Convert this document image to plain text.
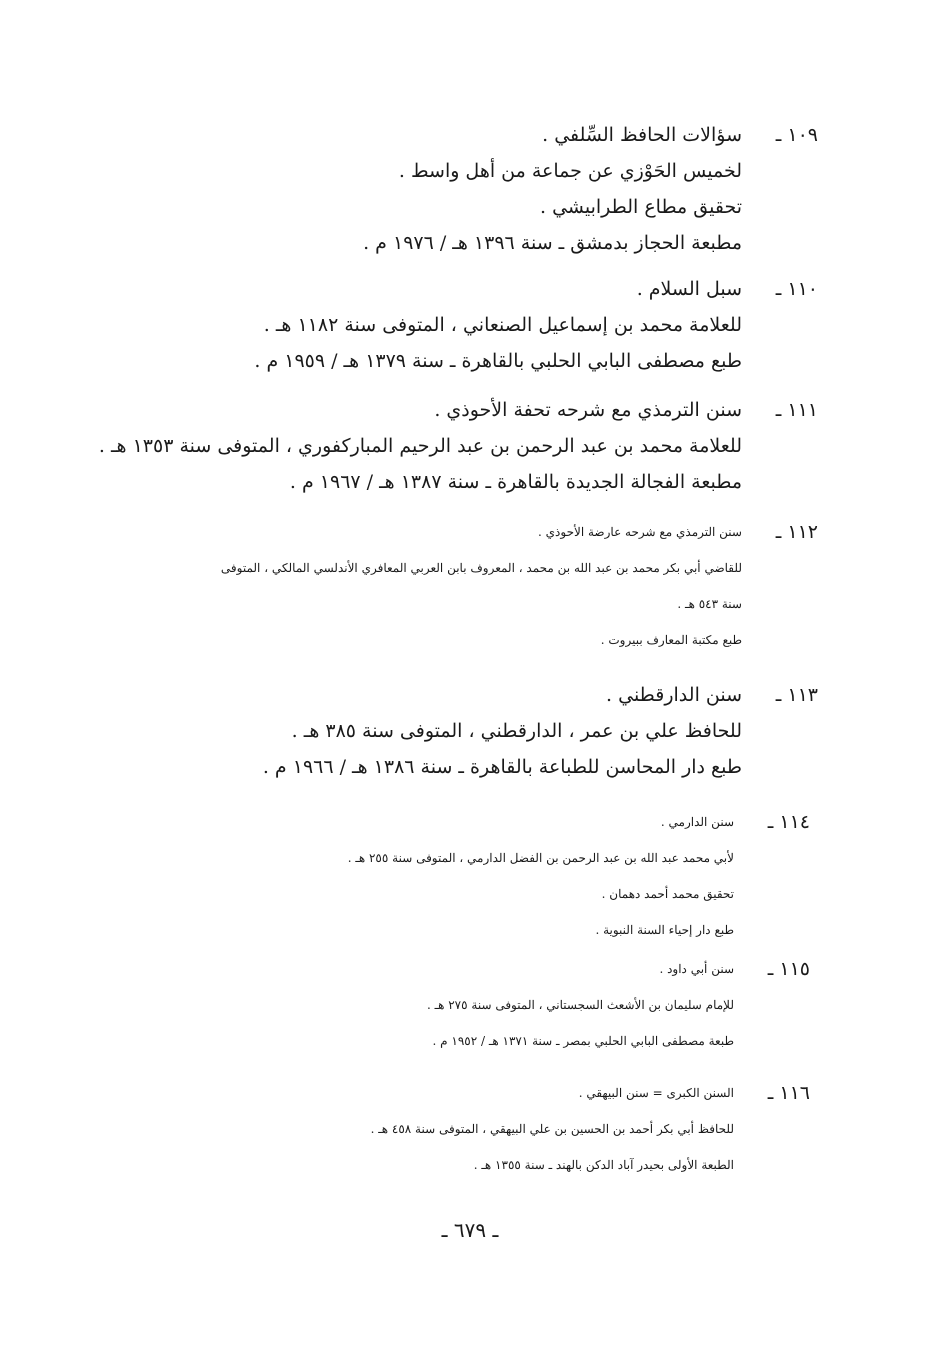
١٠٩ ـ
سؤالات الحافظ السِّلفي .
لخميس الحَوْزي عن جماعة من أهل واسط .
تحقيق مطاع الطرابيشي .
مطبعة الحجاز بدمشق ـ سنة ١٣٩٦ هـ / ١٩٧٦ م .
١١٠ ـ
سبل السلام .
للعلامة محمد بن إسماعيل الصنعاني ، المتوفى سنة ١١٨٢ هـ .
طبع مصطفى البابي الحلبي بالقاهرة ـ سنة ١٣٧٩ هـ / ١٩٥٩ م .
١١١ ـ
سنن الترمذي مع شرحه تحفة الأحوذي .
للعلامة محمد بن عبد الرحمن بن عبد الرحيم المباركفوري ، المتوفى سنة ١٣٥٣ هـ .
مطبعة الفجالة الجديدة بالقاهرة ـ سنة ١٣٨٧ هـ / ١٩٦٧ م .
١١٢ ـ
سنن الترمذي مع شرحه عارضة الأحوذي .
للقاضي أبي بكر محمد بن عبد الله بن محمد ، المعروف بابن العربي المعافري الأندلسي المالكي ، المتوفى
سنة ٥٤٣ هـ .
طبع مكتبة المعارف ببيروت .
١١٣ ـ
سنن الدارقطني .
للحافظ علي بن عمر ، الدارقطني ، المتوفى سنة ٣٨٥ هـ .
طبع دار المحاسن للطباعة بالقاهرة ـ سنة ١٣٨٦ هـ / ١٩٦٦ م .
١١٤ ـ
سنن الدارمي .
لأبي محمد عبد الله بن عبد الرحمن بن الفضل الدارمي ، المتوفى سنة ٢٥٥ هـ .
تحقيق محمد أحمد دهمان .
طبع دار إحياء السنة النبوية .
١١٥ ـ
سنن أبي داود .
للإمام سليمان بن الأشعث السجستاني ، المتوفى سنة ٢٧٥ هـ .
طبعة مصطفى البابي الحلبي بمصر ـ سنة ١٣٧١ هـ / ١٩٥٢ م .
١١٦ ـ
السنن الكبرى = سنن البيهقي .
للحافظ أبي بكر أحمد بن الحسين بن علي البيهقي ، المتوفى سنة ٤٥٨ هـ .
الطبعة الأولى بحيدر آباد الدكن بالهند ـ سنة ١٣٥٥ هـ .
ـ ٦٧٩ ـ
